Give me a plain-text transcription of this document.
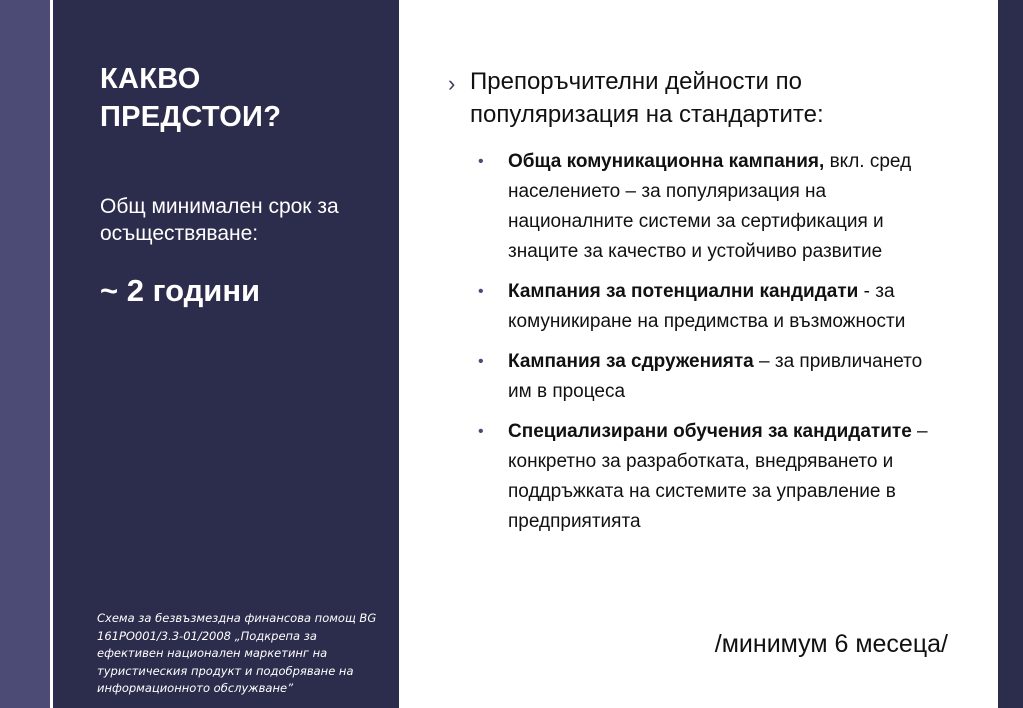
КАКВО ПРЕДСТОИ?
Общ минимален срок за осъществяване:
~ 2 години
Схема за безвъзмездна финансова помощ BG 161PO001/3.3-01/2008 „Подкрепа за ефективен национален маркетинг на туристическия продукт и подобряване на информационното обслужване”
› Препоръчителни дейности по популяризация на стандартите:
• Обща комуникационна кампания, вкл. сред населението – за популяризация на националните системи за сертификация и знаците за качество и устойчиво развитие
• Кампания за потенциални кандидати - за комуникиране на предимства и възможности
• Кампания за сдруженията – за привличането им в процеса
• Специализирани обучения за кандидатите – конкретно за разработката, внедряването и поддръжката на системите за управление в предприятията
/минимум 6 месеца/
